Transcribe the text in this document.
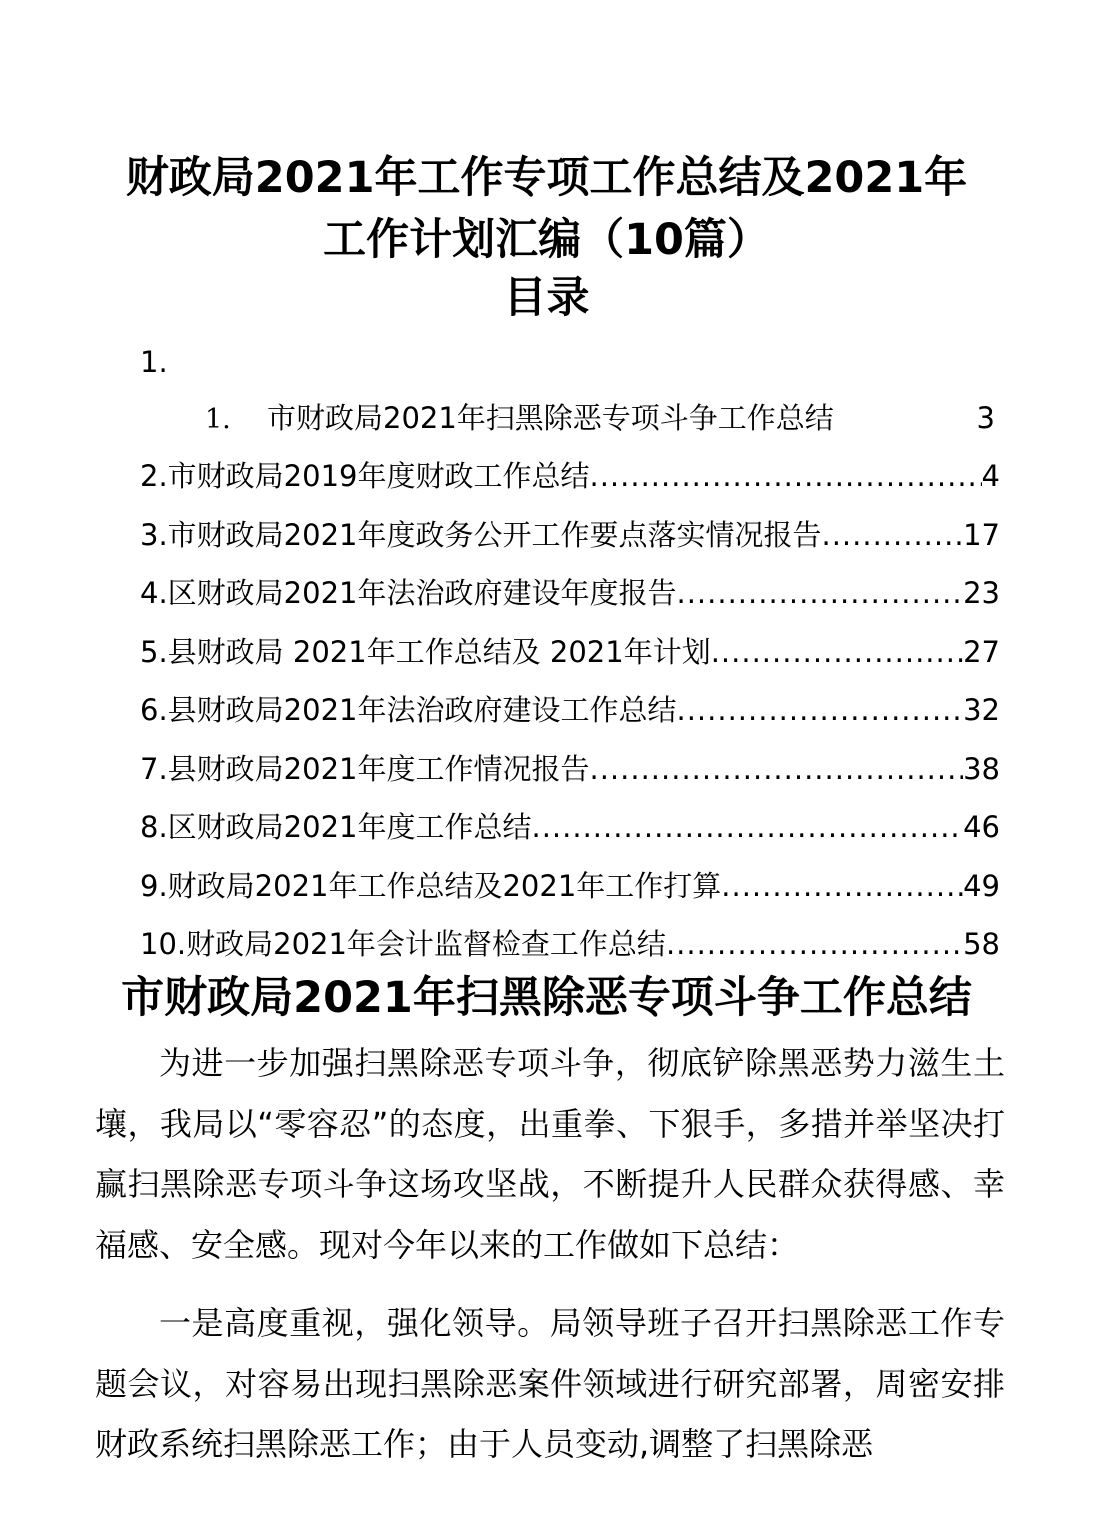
财政局2021年工作专项工作总结及2021年
工作计划汇编（10篇）
目录
1.
1.	市财政局2021年扫黑除恶专项斗争工作总结	3
2.市财政局2019年度财政工作总结 .....	4
3.市财政局2021年度政务公开工作要点落实情况报告 .....	17
4.区财政局2021年法治政府建设年度报告 .....	23
5.县财政局 2021年工作总结及 2021年计划 .....	27
6.县财政局2021年法治政府建设工作总结 .....	32
7.县财政局2021年度工作情况报告 .....	38
8.区财政局2021年度工作总结 .....	46
9.财政局2021年工作总结及2021年工作打算 .....	49
10.财政局2021年会计监督检查工作总结 .....	58
市财政局2021年扫黑除恶专项斗争工作总结

为进一步加强扫黑除恶专项斗争，彻底铲除黑恶势力滋生土壤，我局以“零容忍”的态度，出重拳、下狠手，多措并举坚决打赢扫黑除恶专项斗争这场攻坚战，不断提升人民群众获得感、幸福感、安全感。现对今年以来的工作做如下总结：

一是高度重视，强化领导。局领导班子召开扫黑除恶工作专题会议，对容易出现扫黑除恶案件领域进行研究部署，周密安排财政系统扫黑除恶工作；由于人员变动,调整了扫黑除恶
